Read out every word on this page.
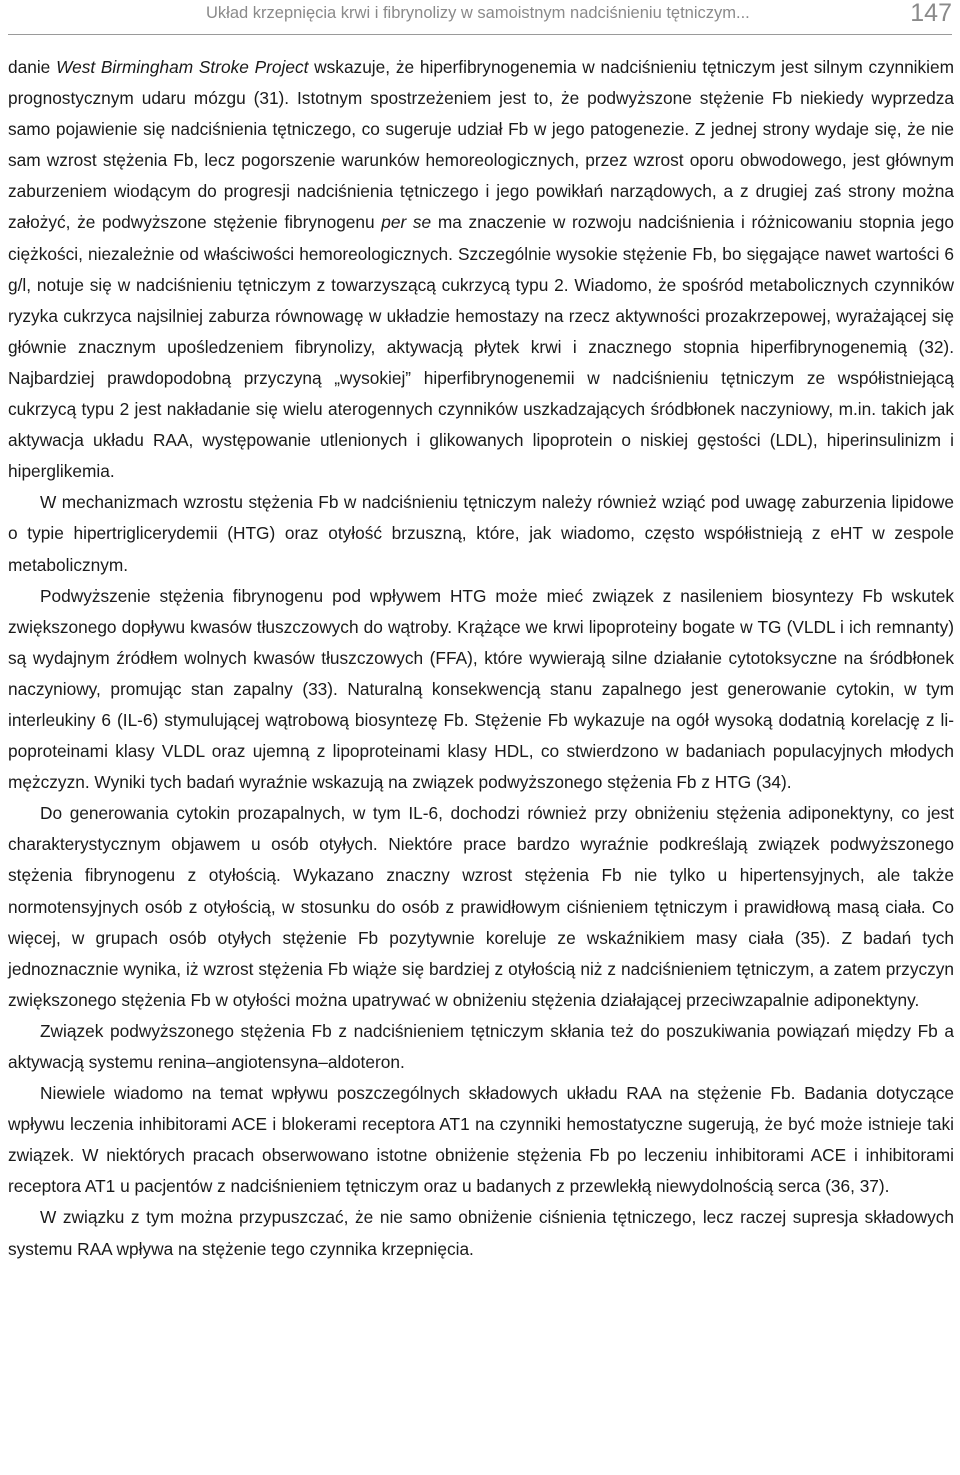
Układ krzepnięcia krwi i fibrynolizy w samoistnym nadciśnieniu tętniczym...	147

danie West Birmingham Stroke Project wskazuje, że hiperfibrynogenemia w nadciśnieniu tętniczym jest silnym czynnikiem prognostycznym udaru mózgu (31). Istotnym spostrzeżeniem jest to, że podwyższone stężenie Fb niekiedy wyprzedza samo pojawienie się nadciśnienia tętniczego, co sugeruje udział Fb w jego patogenezie. Z jednej strony wydaje się, że nie sam wzrost stężenia Fb, lecz pogorszenie warunków hemoreologicznych, przez wzrost oporu obwodowego, jest głównym zaburzeniem wiodącym do progresji nadciśnienia tętniczego i jego powikłań narządowych, a z drugiej zaś strony można założyć, że podwyższone stężenie fibrynogenu per se ma znaczenie w rozwoju nadciśnienia i różnicowaniu stopnia jego ciężkości, niezależnie od właściwości hemoreologicznych. Szczególnie wysokie stężenie Fb, bo sięgające nawet wartości 6 g/l, notuje się w nadciśnieniu tętniczym z towarzyszącą cukrzycą typu 2. Wiadomo, że spośród metabolicznych czynników ryzyka cukrzyca najsilniej zaburza równowagę w układzie hemostazy na rzecz aktywności prozakrzepowej, wyrażającej się głównie znacznym upośledzeniem fibrynolizy, aktywacją płytek krwi i znacznego stopnia hiperfibrynogenemią (32). Najbardziej prawdopodobną przyczyną „wysokiej” hiperfibrynogenemii w nadciśnieniu tętniczym ze współistniejącą cukrzycą typu 2 jest nakładanie się wielu aterogennych czynników uszkadzających śródbłonek naczyniowy, m.in. takich jak aktywacja układu RAA, występowanie utlenionych i glikowanych lipoprotein o niskiej gęstości (LDL), hiperinsulinizm i hiperglikemia.

W mechanizmach wzrostu stężenia Fb w nadciśnieniu tętniczym należy również wziąć pod uwagę zaburzenia lipidowe o typie hipertriglicerydemii (HTG) oraz otyłość brzuszną, które, jak wiadomo, często współistnieją z eHT w zespole metabolicznym.

Podwyższenie stężenia fibrynogenu pod wpływem HTG może mieć związek z nasileniem biosyntezy Fb wskutek zwiększonego dopływu kwasów tłuszczowych do wątroby. Krążące we krwi lipoproteiny bogate w TG (VLDL i ich remnanty) są wydajnym źródłem wolnych kwasów tłuszczowych (FFA), które wywierają silne działanie cytotoksyczne na śródbłonek naczyniowy, promując stan zapalny (33). Naturalną konsekwencją stanu zapalnego jest generowanie cytokin, w tym interleukiny 6 (IL-6) stymulującej wątrobową biosyntezę Fb. Stężenie Fb wykazuje na ogół wysoką dodatnią korelację z lipoproteinami klasy VLDL oraz ujemną z lipoproteinami klasy HDL, co stwierdzono w badaniach populacyjnych młodych mężczyzn. Wyniki tych badań wyraźnie wskazują na związek podwyższonego stężenia Fb z HTG (34).

Do generowania cytokin prozapalnych, w tym IL-6, dochodzi również przy obniżeniu stężenia adiponektyny, co jest charakterystycznym objawem u osób otyłych. Niektóre prace bardzo wyraźnie podkreślają związek podwyższonego stężenia fibrynogenu z otyłością. Wykazano znaczny wzrost stężenia Fb nie tylko u hipertensyjnych, ale także normotensyjnych osób z otyłością, w stosunku do osób z prawidłowym ciśnieniem tętniczym i prawidłową masą ciała. Co więcej, w grupach osób otyłych stężenie Fb pozytywnie koreluje ze wskaźnikiem masy ciała (35). Z badań tych jednoznacznie wynika, iż wzrost stężenia Fb wiąże się bardziej z otyłością niż z nadciśnieniem tętniczym, a zatem przyczyn zwiększonego stężenia Fb w otyłości można upatrywać w obniżeniu stężenia działającej przeciwzapalnie adiponektyny.

Związek podwyższonego stężenia Fb z nadciśnieniem tętniczym skłania też do poszukiwania powiązań między Fb a aktywacją systemu renina–angiotensyna–aldoteron.

Niewiele wiadomo na temat wpływu poszczególnych składowych układu RAA na stężenie Fb. Badania dotyczące wpływu leczenia inhibitorami ACE i blokerami receptora AT1 na czynniki hemostatyczne sugerują, że być może istnieje taki związek. W niektórych pracach obserwowano istotne obniżenie stężenia Fb po leczeniu inhibitorami ACE i inhibitorami receptora AT1 u pacjentów z nadciśnieniem tętniczym oraz u badanych z przewlekłą niewydolnością serca (36, 37).

W związku z tym można przypuszczać, że nie samo obniżenie ciśnienia tętniczego, lecz raczej supresja składowych systemu RAA wpływa na stężenie tego czynnika krzepnięcia.
